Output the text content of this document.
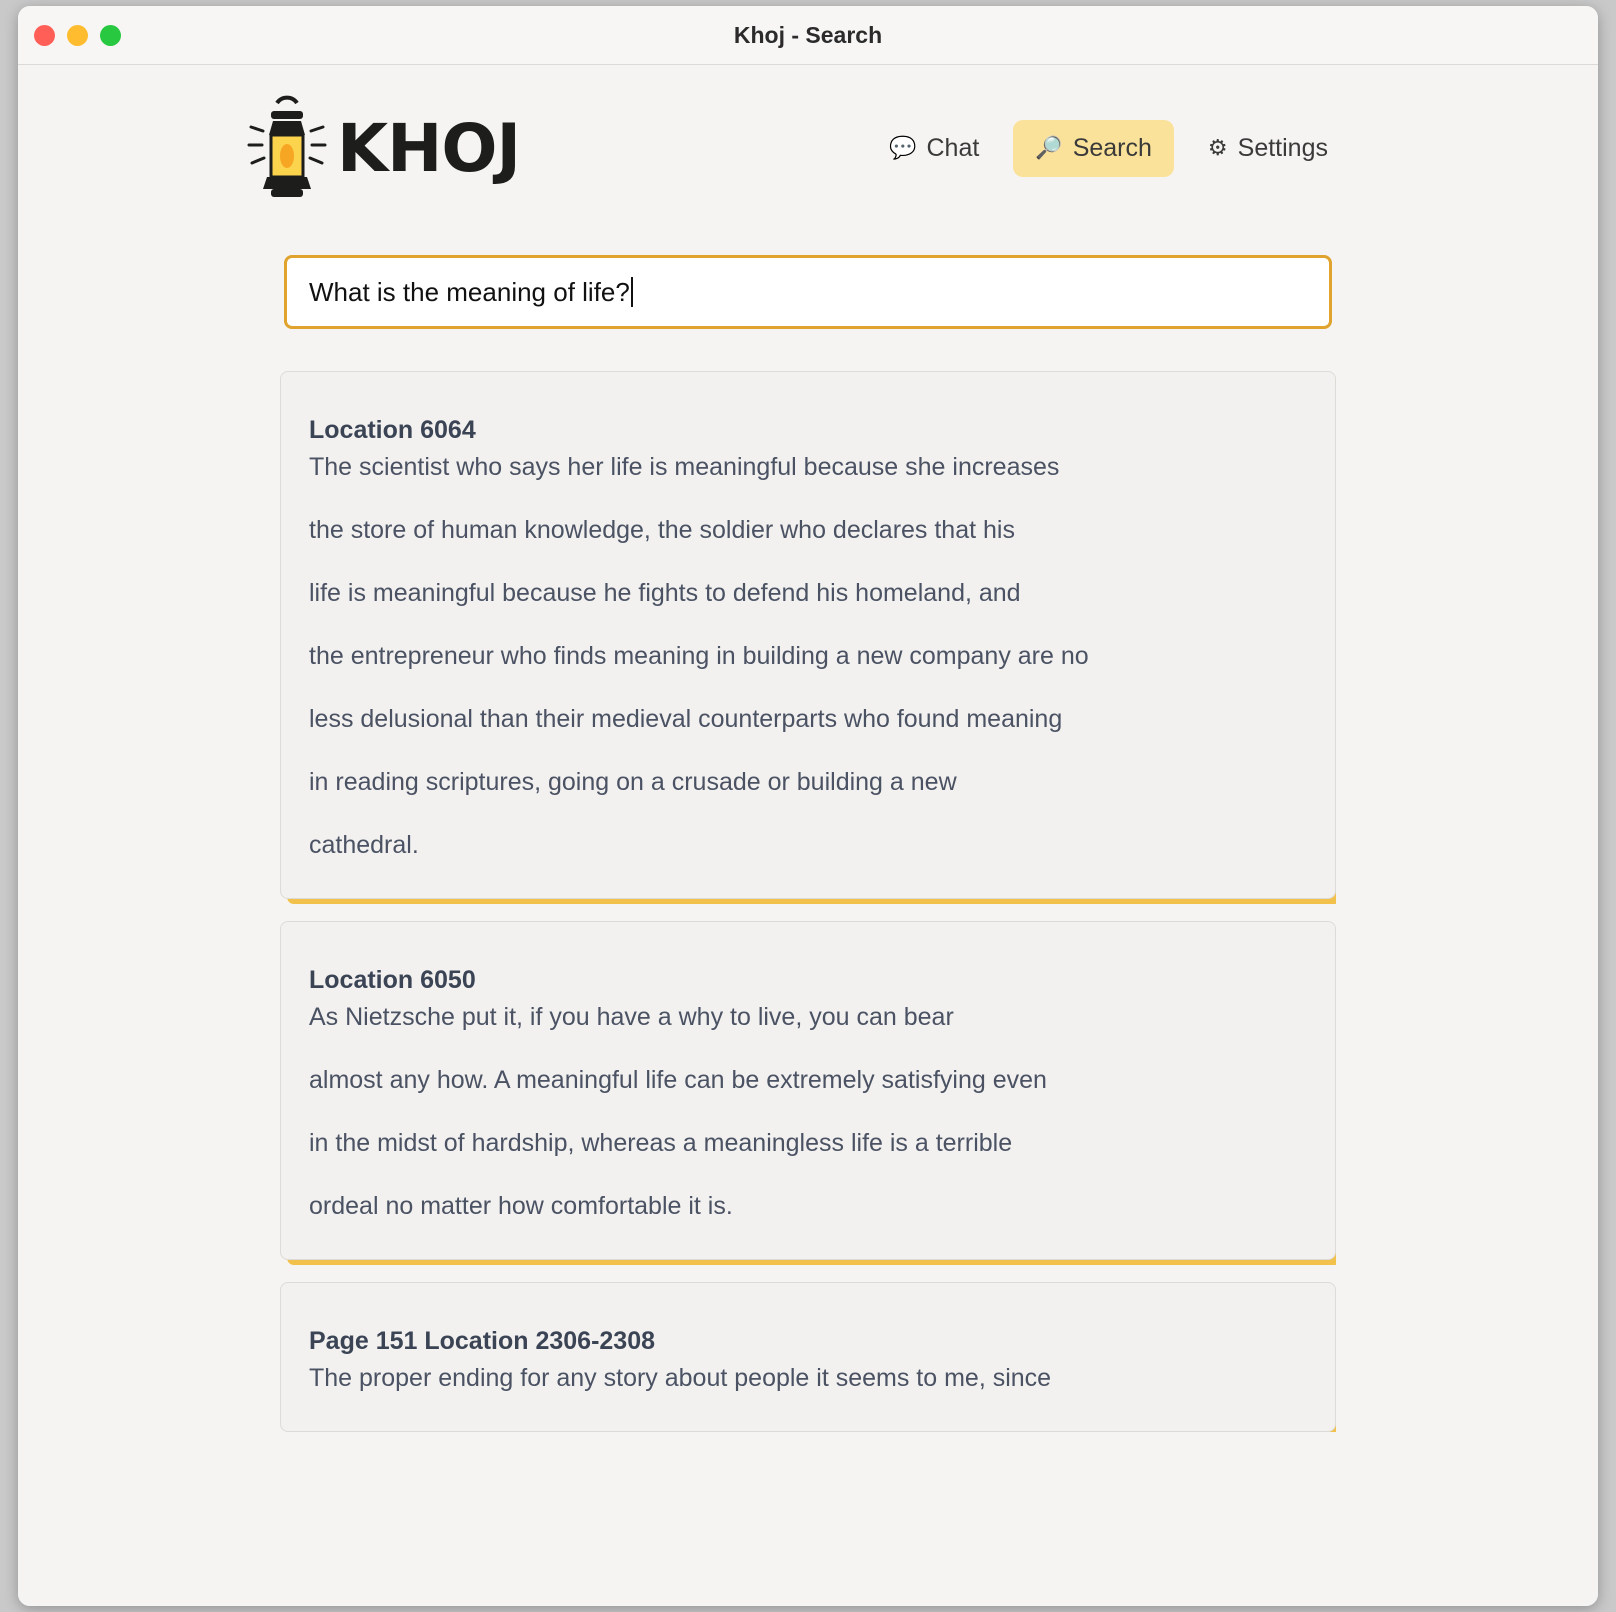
Khoj - Search
KHOJ	💬 Chat	🔎 Search	⚙ Settings
What is the meaning of life?
Location 6064

The scientist who says her life is meaningful because she increases

the store of human knowledge, the soldier who declares that his

life is meaningful because he fights to defend his homeland, and

the entrepreneur who finds meaning in building a new company are no

less delusional than their medieval counterparts who found meaning

in reading scriptures, going on a crusade or building a new

cathedral.

Location 6050

As Nietzsche put it, if you have a why to live, you can bear

almost any how. A meaningful life can be extremely satisfying even

in the midst of hardship, whereas a meaningless life is a terrible

ordeal no matter how comfortable it is.

Page 151 Location 2306-2308

The proper ending for any story about people it seems to me, since
